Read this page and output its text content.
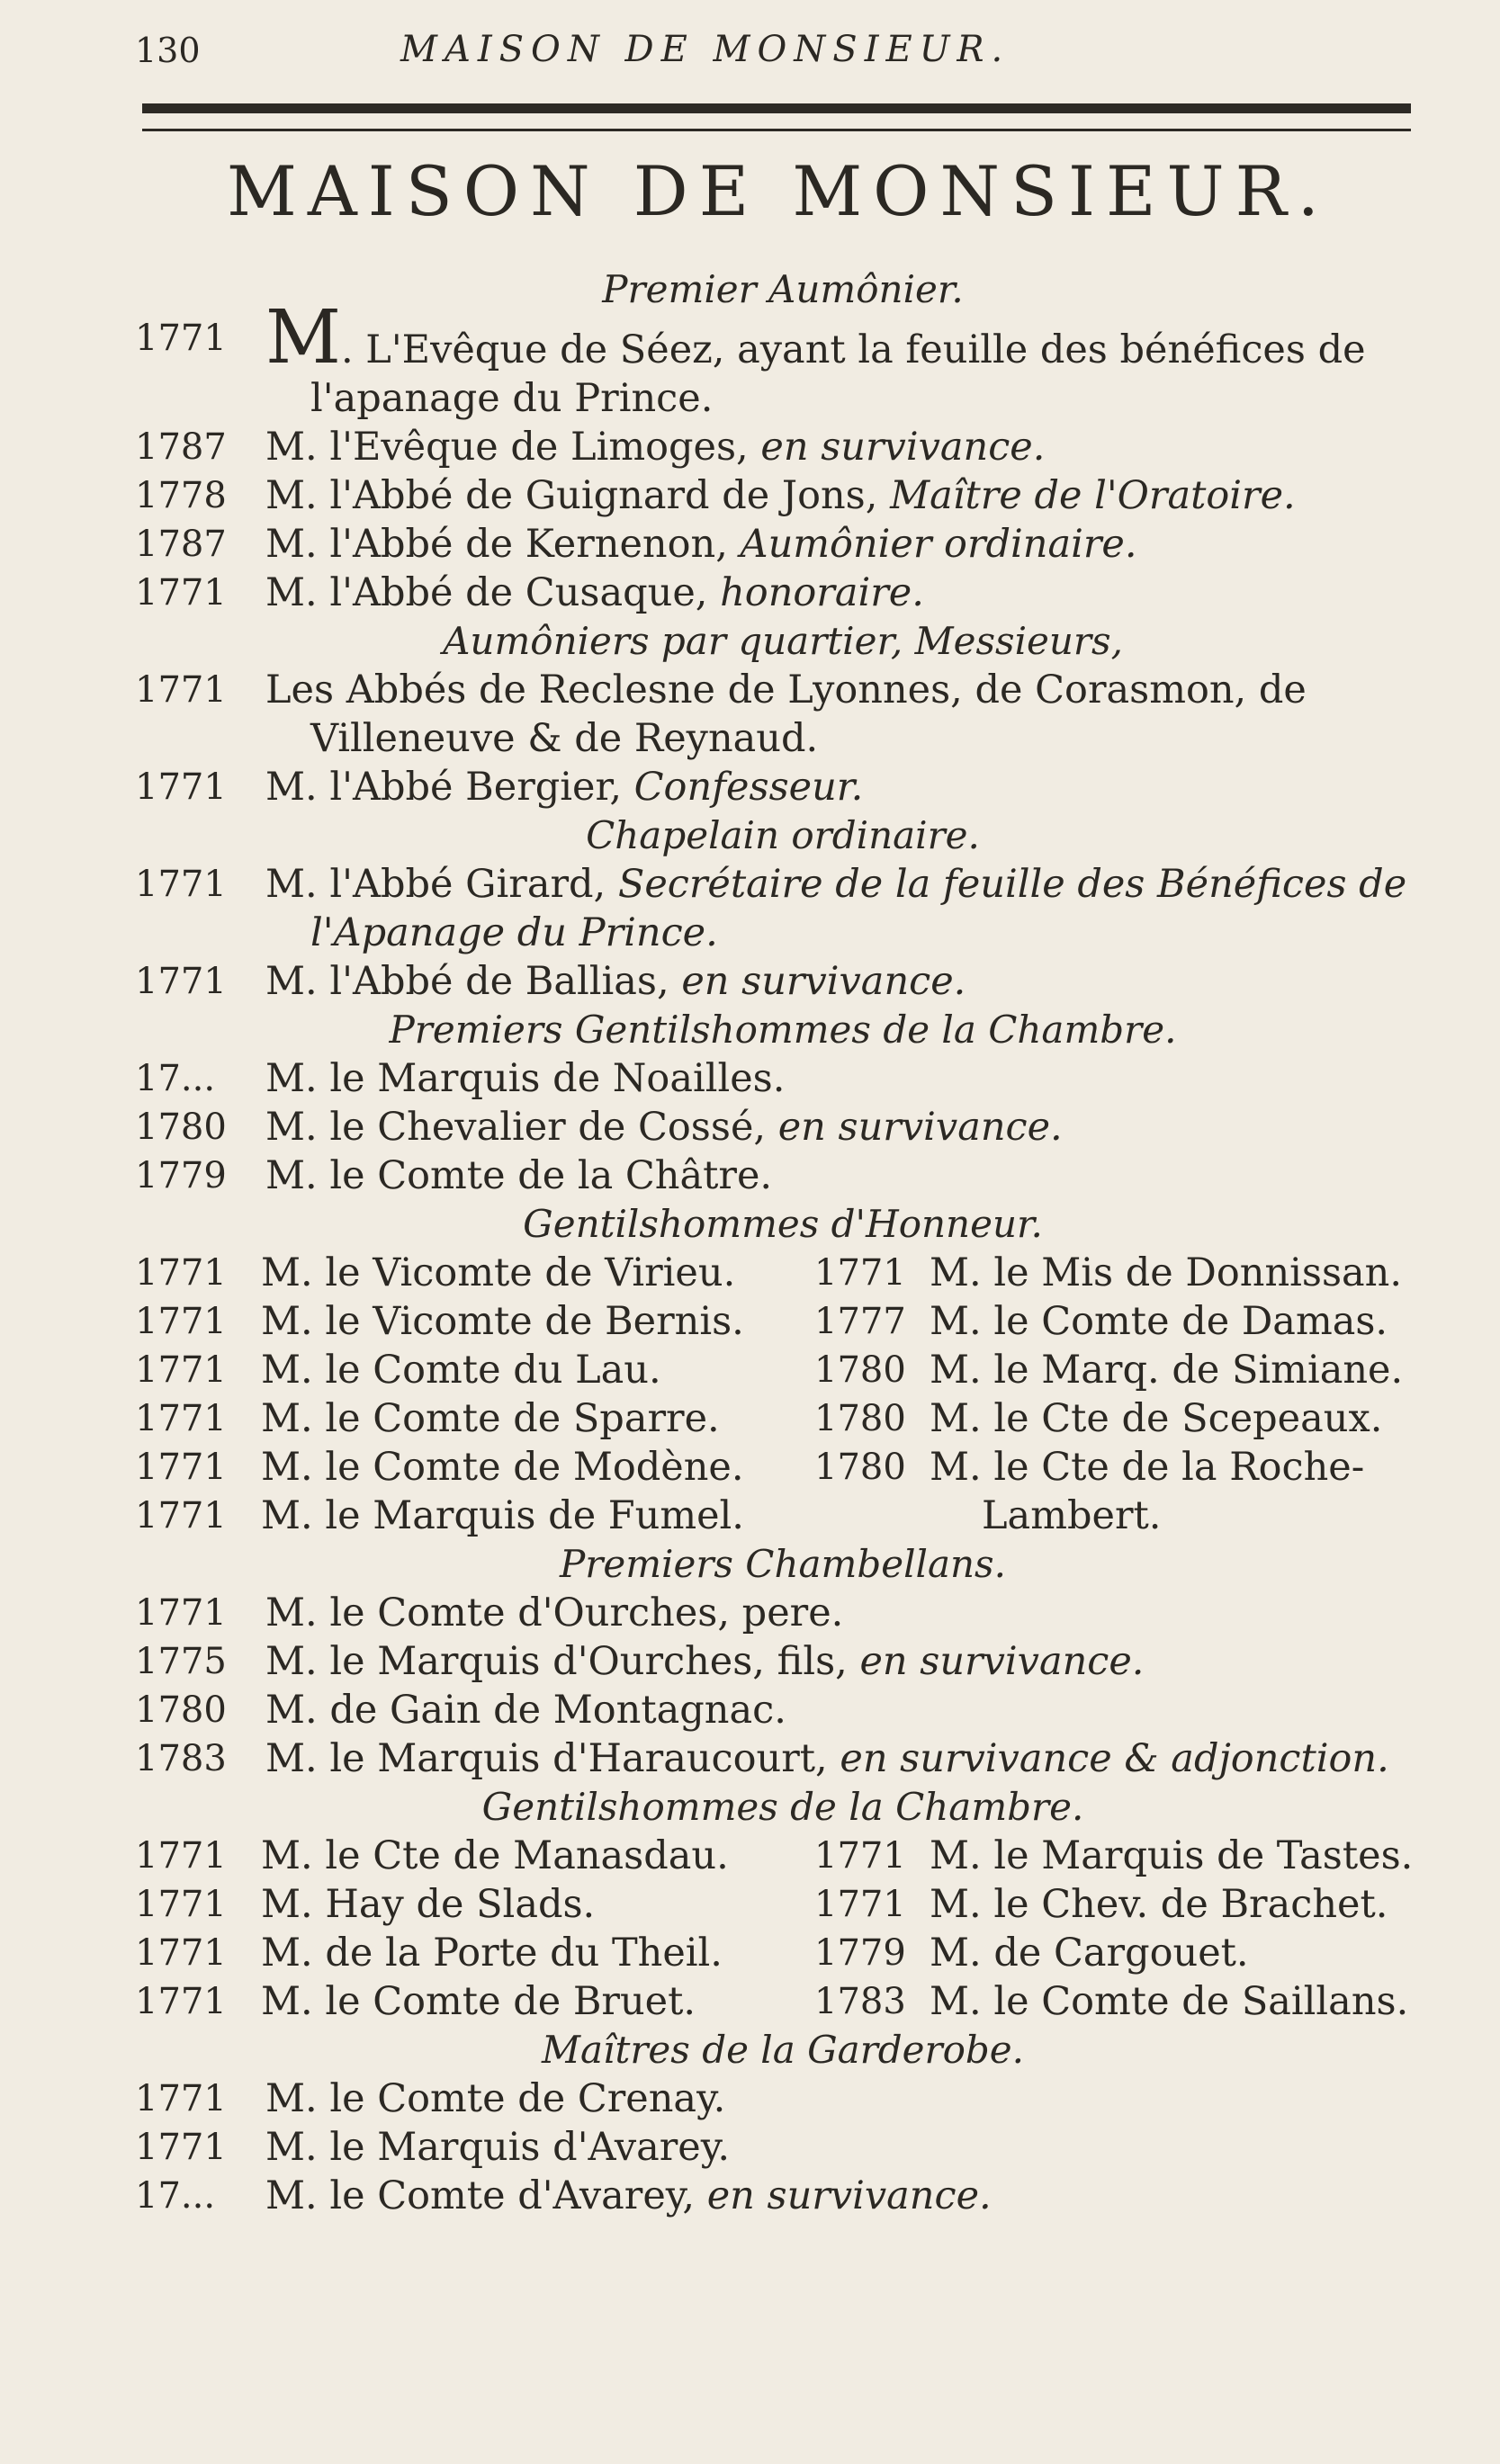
130	MAISON DE MONSIEUR.
MAISON DE MONSIEUR.
Premier Aumônier.
1771 M. L'Evêque de Séez, ayant la feuille des bénéfices de
l'apanage du Prince.
1787	M. l'Evêque de Limoges, en survivance.
1778	M. l'Abbé de Guignard de Jons, Maître de l'Oratoire.
1787	M. l'Abbé de Kernenon, Aumônier ordinaire.
1771	M. l'Abbé de Cusaque, honoraire.
Aumôniers par quartier, Messieurs,
1771	Les Abbés de Reclesne de Lyonnes, de Corasmon, de
Villeneuve & de Reynaud.
1771	M. l'Abbé Bergier, Confesseur.
Chapelain ordinaire.
1771	M. l'Abbé Girard, Secrétaire de la feuille des Bénéfices de
l'Apanage du Prince.
1771	M. l'Abbé de Ballias, en survivance.
Premiers Gentilshommes de la Chambre.
17...	M. le Marquis de Noailles.
1780	M. le Chevalier de Cossé, en survivance.
1779	M. le Comte de la Châtre.
Gentilshommes d'Honneur.
1771 M. le Vicomte de Virieu.	1771 M. le Mis de Donnissan.
1771 M. le Vicomte de Bernis.	1777 M. le Comte de Damas.
1771 M. le Comte du Lau.	1780 M. le Marq. de Simiane.
1771 M. le Comte de Sparre.	1780 M. le Cte de Scepeaux.
1771 M. le Comte de Modène.	1780 M. le Cte de la Roche-
1771 M. le Marquis de Fumel.	Lambert.
Premiers Chambellans.
1771	M. le Comte d'Ourches, pere.
1775	M. le Marquis d'Ourches, fils, en survivance.
1780	M. de Gain de Montagnac.
1783	M. le Marquis d'Haraucourt, en survivance & adjonction.
Gentilshommes de la Chambre.
1771 M. le Cte de Manasdau.	1771 M. le Marquis de Tastes.
1771 M. Hay de Slads.	1771 M. le Chev. de Brachet.
1771 M. de la Porte du Theil.	1779 M. de Cargouet.
1771 M. le Comte de Bruet.	1783 M. le Comte de Saillans.
Maîtres de la Garderobe.
1771	M. le Comte de Crenay.
1771	M. le Marquis d'Avarey.
17...	M. le Comte d'Avarey, en survivance.
